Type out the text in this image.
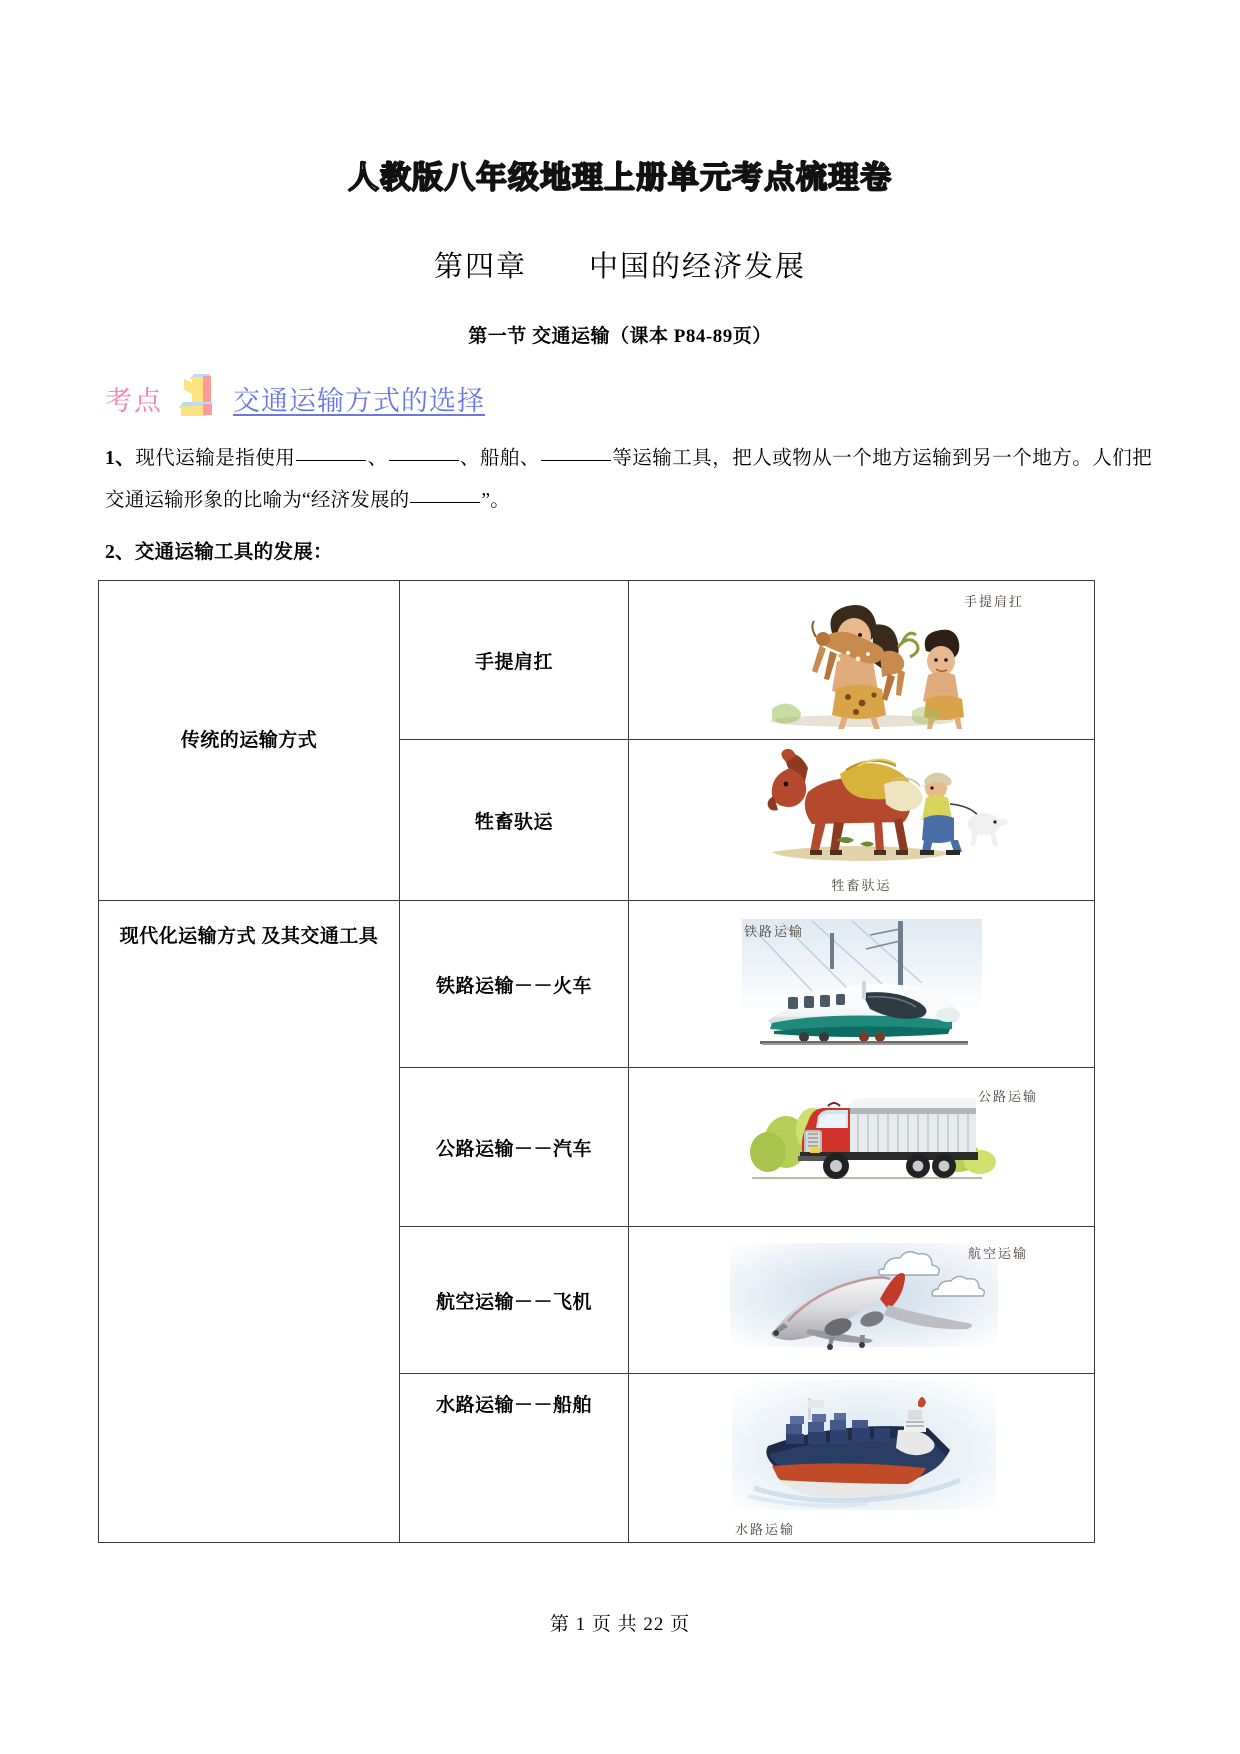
人教版八年级地理上册单元考点梳理卷
第四章　　中国的经济发展
第一节 交通运输（课本 P84-89页）
考点	交通运输方式的选择

1、现代运输是指使用	、	、船舶、	等运输工具，把人或物从一个地方运输到另一个地方。人们把交通运输形象的比喻为“经济发展的	”。

2、交通运输工具的发展：

传统的运输方式	手提肩扛	手提肩扛

	牲畜驮运	牲畜驮运

现代化运输方式 及其交通工具	铁路运输－－火车	铁路运输

	公路运输－－汽车	公路运输

	航空运输－－飞机	航空运输

	水路运输－－船舶	水路运输
第 1 页 共 22 页
